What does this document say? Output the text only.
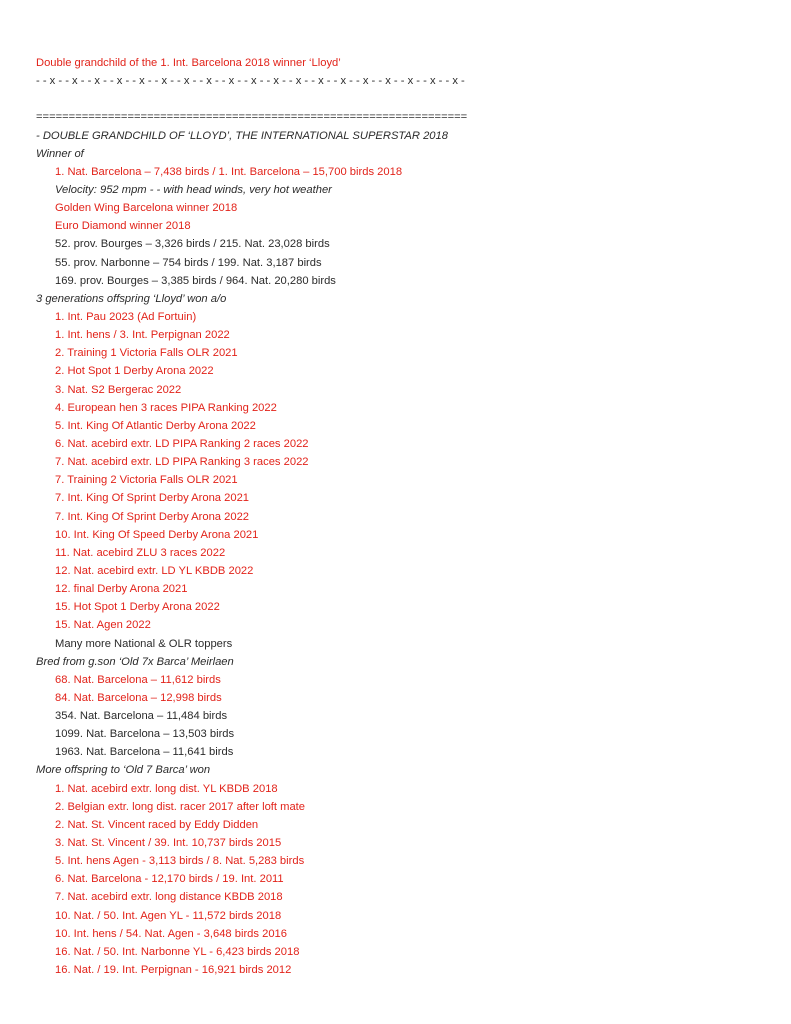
Double grandchild of the 1. Int. Barcelona 2018 winner ‘Lloyd’
- - x - - x - - x - - x - - x - - x - - x - - x - - x - - x - - x - - x - - x - - x - - x - - x - - x - - x - - x -
==================================================================
- DOUBLE GRANDCHILD OF ‘LLOYD’, THE INTERNATIONAL SUPERSTAR 2018
Winner of
1. Nat. Barcelona – 7,438 birds / 1. Int. Barcelona – 15,700 birds 2018
Velocity: 952 mpm - - with head winds, very hot weather
Golden Wing Barcelona winner 2018
Euro Diamond winner 2018
52. prov. Bourges – 3,326 birds / 215. Nat. 23,028 birds
55. prov. Narbonne – 754 birds / 199. Nat. 3,187 birds
169. prov. Bourges – 3,385 birds / 964. Nat. 20,280 birds
3 generations offspring ‘Lloyd’ won a/o
1. Int. Pau 2023 (Ad Fortuin)
1. Int. hens / 3. Int. Perpignan 2022
2. Training 1 Victoria Falls OLR 2021
2. Hot Spot 1 Derby Arona 2022
3. Nat. S2 Bergerac 2022
4. European hen 3 races PIPA Ranking 2022
5. Int. King Of Atlantic Derby Arona 2022
6. Nat. acebird extr. LD PIPA Ranking 2 races 2022
7. Nat. acebird extr. LD PIPA Ranking 3 races 2022
7. Training 2 Victoria Falls OLR 2021
7. Int. King Of Sprint Derby Arona 2021
7. Int. King Of Sprint Derby Arona 2022
10. Int. King Of Speed Derby Arona 2021
11. Nat. acebird ZLU 3 races 2022
12. Nat. acebird extr. LD YL KBDB 2022
12. final Derby Arona 2021
15. Hot Spot 1 Derby Arona 2022
15. Nat. Agen 2022
Many more National & OLR toppers
Bred from g.son ‘Old 7x Barca’ Meirlaen
68. Nat. Barcelona – 11,612 birds
84. Nat. Barcelona – 12,998 birds
354. Nat. Barcelona – 11,484 birds
1099. Nat. Barcelona – 13,503 birds
1963. Nat. Barcelona – 11,641 birds
More offspring to ‘Old 7 Barca’ won
1. Nat. acebird extr. long dist. YL KBDB 2018
2. Belgian extr. long dist. racer 2017 after loft mate
2. Nat. St. Vincent raced by Eddy Didden
3. Nat. St. Vincent / 39. Int. 10,737 birds 2015
5. Int. hens Agen - 3,113 birds / 8. Nat. 5,283 birds
6. Nat. Barcelona - 12,170 birds / 19. Int. 2011
7. Nat. acebird extr. long distance KBDB 2018
10. Nat. / 50. Int. Agen YL - 11,572 birds 2018
10. Int. hens / 54. Nat. Agen - 3,648 birds 2016
16. Nat. / 50. Int. Narbonne YL - 6,423 birds 2018
16. Nat. / 19. Int. Perpignan - 16,921 birds 2012
